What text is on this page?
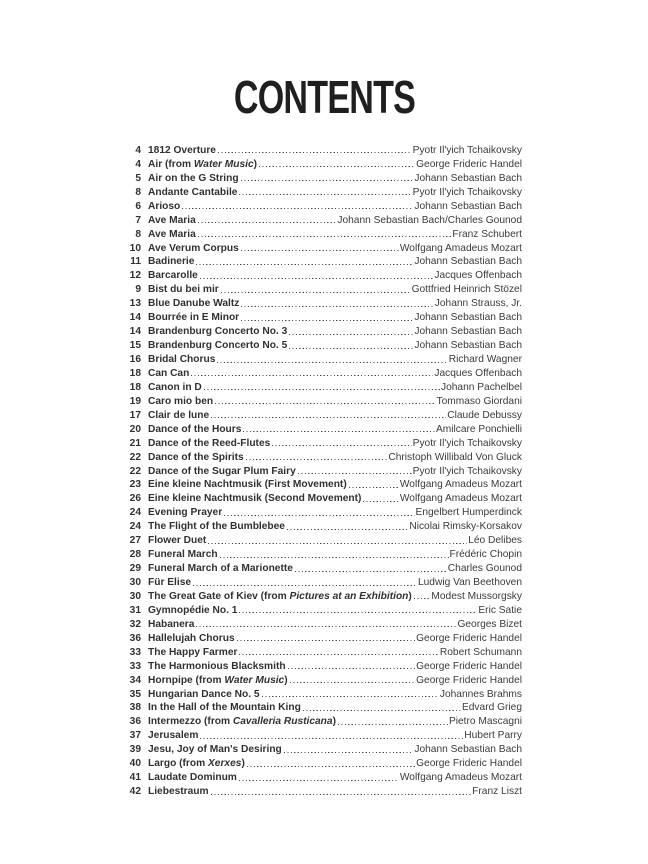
CONTENTS
4 1812 Overture	Pyotr Il'yich Tchaikovsky
4 Air (from Water Music)	George Frideric Handel
5 Air on the G String	Johann Sebastian Bach
8 Andante Cantabile	Pyotr Il'yich Tchaikovsky
6 Arioso	Johann Sebastian Bach
7 Ave Maria	Johann Sebastian Bach/Charles Gounod
8 Ave Maria	Franz Schubert
10 Ave Verum Corpus	Wolfgang Amadeus Mozart
11 Badinerie	Johann Sebastian Bach
12 Barcarolle	Jacques Offenbach
9 Bist du bei mir	Gottfried Heinrich Stözel
13 Blue Danube Waltz	Johann Strauss, Jr.
14 Bourrée in E Minor	Johann Sebastian Bach
14 Brandenburg Concerto No. 3	Johann Sebastian Bach
15 Brandenburg Concerto No. 5	Johann Sebastian Bach
16 Bridal Chorus	Richard Wagner
18 Can Can	Jacques Offenbach
18 Canon in D	Johann Pachelbel
19 Caro mio ben	Tommaso Giordani
17 Clair de lune	Claude Debussy
20 Dance of the Hours	Amilcare Ponchielli
21 Dance of the Reed-Flutes	Pyotr Il'yich Tchaikovsky
22 Dance of the Spirits	Christoph Willibald Von Gluck
22 Dance of the Sugar Plum Fairy	Pyotr Il'yich Tchaikovsky
23 Eine kleine Nachtmusik (First Movement)	Wolfgang Amadeus Mozart
26 Eine kleine Nachtmusik (Second Movement)	Wolfgang Amadeus Mozart
24 Evening Prayer	Engelbert Humperdinck
24 The Flight of the Bumblebee	Nicolai Rimsky-Korsakov
27 Flower Duet	Léo Delibes
28 Funeral March	Frédéric Chopin
29 Funeral March of a Marionette	Charles Gounod
30 Für Elise	Ludwig Van Beethoven
30 The Great Gate of Kiev (from Pictures at an Exhibition) Modest Mussorgsky
31 Gymnopédie No. 1	Eric Satie
32 Habanera	Georges Bizet
36 Hallelujah Chorus	George Frideric Handel
33 The Happy Farmer	Robert Schumann
33 The Harmonious Blacksmith	George Frideric Handel
34 Hornpipe (from Water Music)	George Frideric Handel
35 Hungarian Dance No. 5	Johannes Brahms
38 In the Hall of the Mountain King	Edvard Grieg
36 Intermezzo (from Cavalleria Rusticana)	Pietro Mascagni
37 Jerusalem	Hubert Parry
39 Jesu, Joy of Man's Desiring	Johann Sebastian Bach
40 Largo (from Xerxes)	George Frideric Handel
41 Laudate Dominum	Wolfgang Amadeus Mozart
42 Liebestraum	Franz Liszt
